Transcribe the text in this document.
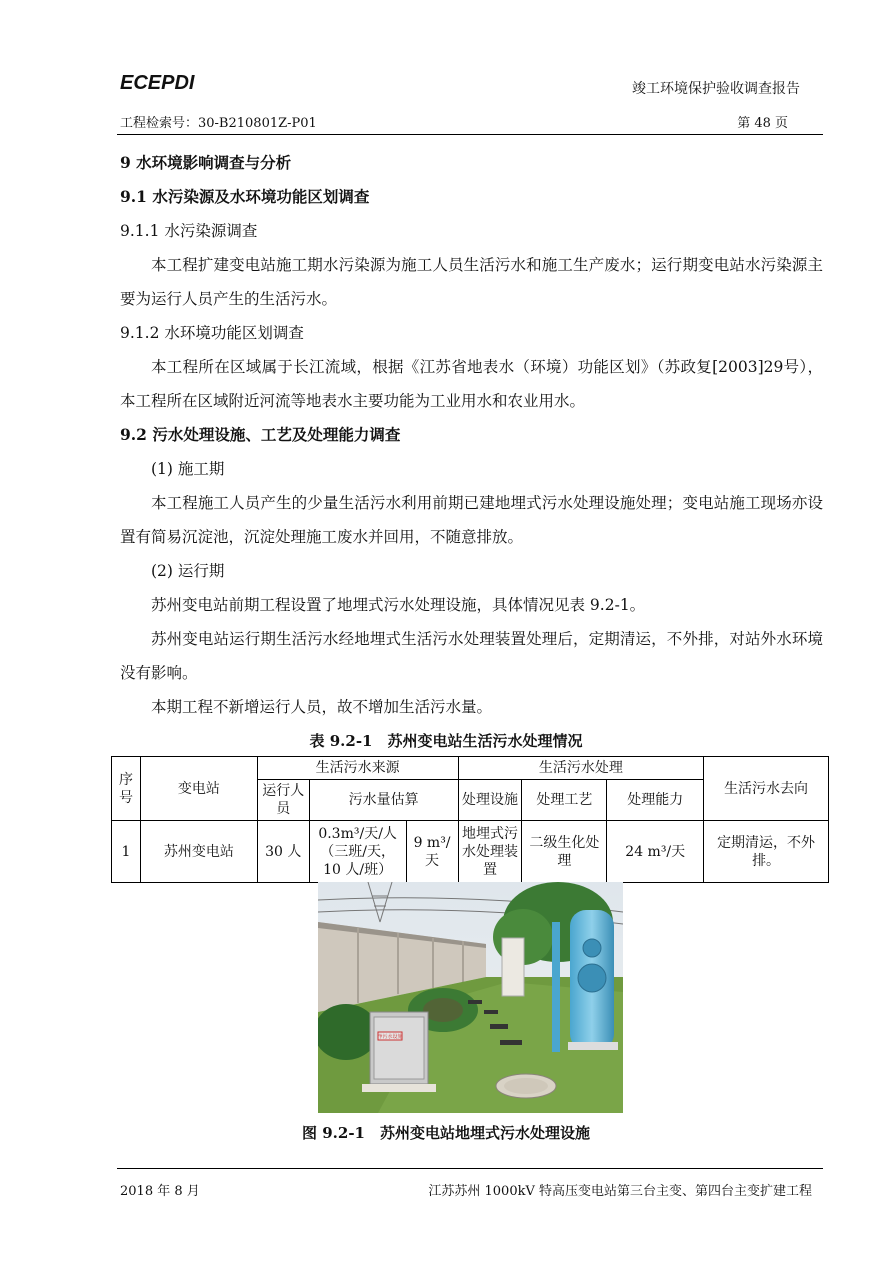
ECEPDI	竣工环境保护验收调查报告
工程检索号：30-B210801Z-P01	第 48 页
9 水环境影响调查与分析
9.1 水污染源及水环境功能区划调查
9.1.1 水污染源调查
本工程扩建变电站施工期水污染源为施工人员生活污水和施工生产废水；运行期变电站水污染源主要为运行人员产生的生活污水。
9.1.2 水环境功能区划调查
本工程所在区域属于长江流域，根据《江苏省地表水（环境）功能区划》（苏政复[2003]29号），本工程所在区域附近河流等地表水主要功能为工业用水和农业用水。
9.2 污水处理设施、工艺及处理能力调查
(1) 施工期
本工程施工人员产生的少量生活污水利用前期已建地埋式污水处理设施处理；变电站施工现场亦设置有简易沉淀池，沉淀处理施工废水并回用，不随意排放。
(2) 运行期
苏州变电站前期工程设置了地埋式污水处理设施，具体情况见表 9.2-1。
苏州变电站运行期生活污水经地埋式生活污水处理装置处理后，定期清运，不外排，对站外水环境没有影响。
本期工程不新增运行人员，故不增加生活污水量。
表 9.2-1　苏州变电站生活污水处理情况
序号	变电站	生活污水来源			生活污水处理			生活污水去向
		运行人员	污水量估算		处理设施	处理工艺	处理能力	
1	苏州变电站	30 人	0.3m³/天/人（三班/天，10 人/班）	9 m³/天	地埋式污水处理装置	二级生化处理	24 m³/天	定期清运，不外排。
净污水设施
图 9.2-1　苏州变电站地埋式污水处理设施
2018 年 8 月	江苏苏州 1000kV 特高压变电站第三台主变、第四台主变扩建工程
